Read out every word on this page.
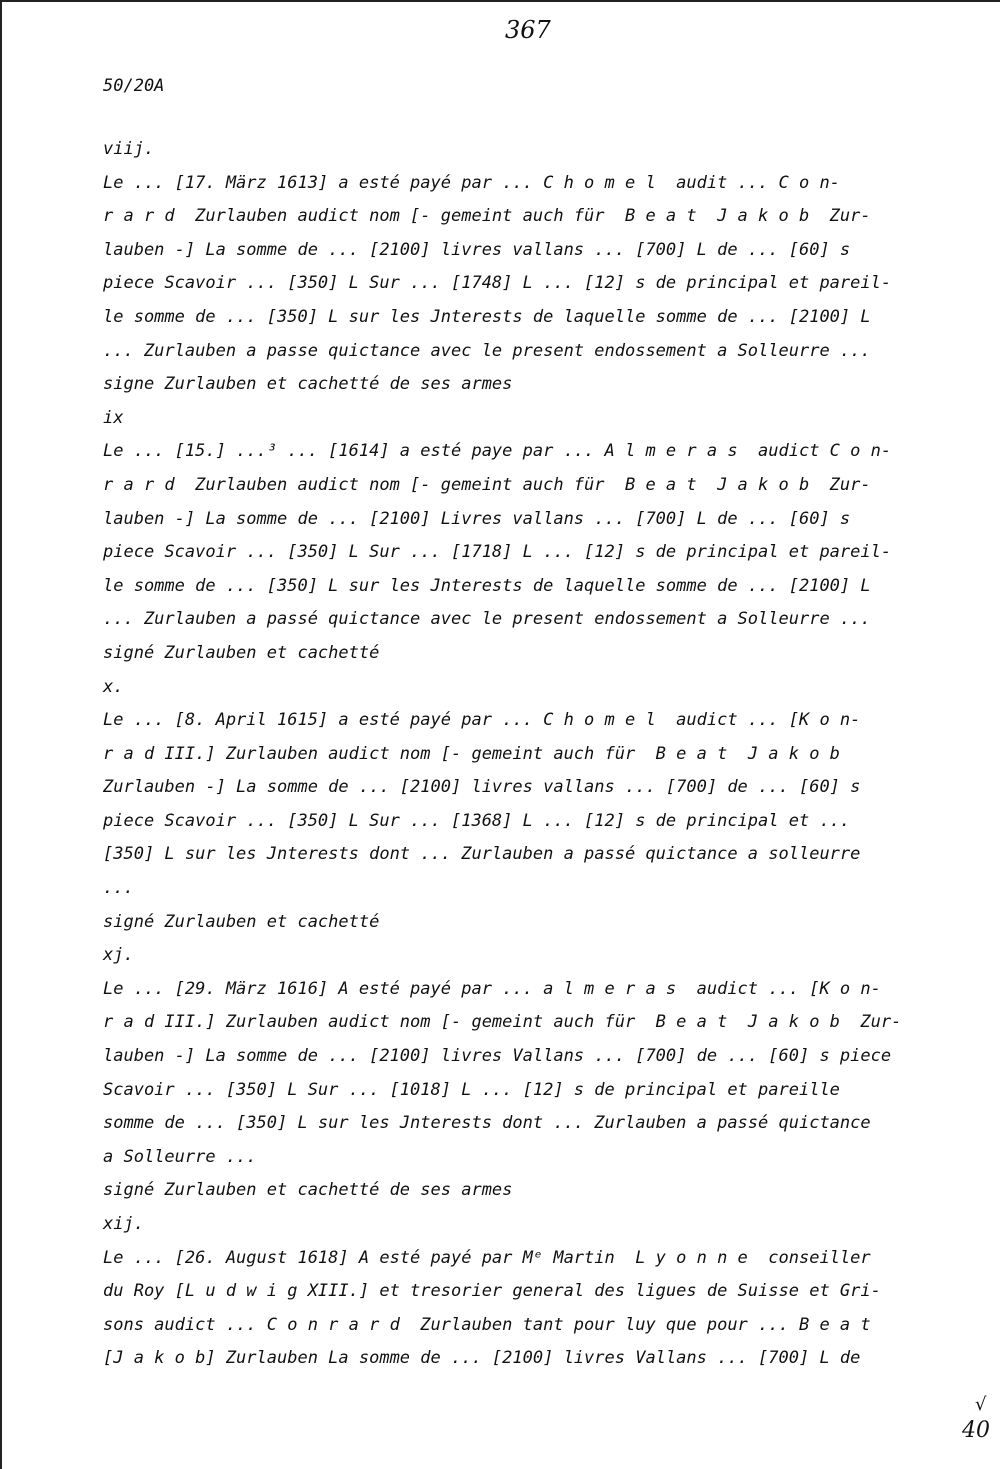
367
50/20A
viij.
Le ... [17. März 1613] a esté payé par ... C h o m e l  audit ... C o n-
r a r d  Zurlauben audict nom [- gemeint auch für  B e a t  J a k o b  Zur-
lauben -] La somme de ... [2100] livres vallans ... [700] L de ... [60] s
piece Scavoir ... [350] L Sur ... [1748] L ... [12] s de principal et pareil-
le somme de ... [350] L sur les Jnterests de laquelle somme de ... [2100] L
... Zurlauben a passe quictance avec le present endossement a Solleurre ...
signe Zurlauben et cachetté de ses armes
ix
Le ... [15.] ...³ ... [1614] a esté paye par ... A l m e r a s  audict C o n-
r a r d  Zurlauben audict nom [- gemeint auch für  B e a t  J a k o b  Zur-
lauben -] La somme de ... [2100] Livres vallans ... [700] L de ... [60] s
piece Scavoir ... [350] L Sur ... [1718] L ... [12] s de principal et pareil-
le somme de ... [350] L sur les Jnterests de laquelle somme de ... [2100] L
... Zurlauben a passé quictance avec le present endossement a Solleurre ...
signé Zurlauben et cachetté
x.
Le ... [8. April 1615] a esté payé par ... C h o m e l  audict ... [K o n-
r a d III.] Zurlauben audict nom [- gemeint auch für  B e a t  J a k o b
Zurlauben -] La somme de ... [2100] livres vallans ... [700] de ... [60] s
piece Scavoir ... [350] L Sur ... [1368] L ... [12] s de principal et ...
[350] L sur les Jnterests dont ... Zurlauben a passé quictance a solleurre
...
signé Zurlauben et cachetté
xj.
Le ... [29. März 1616] A esté payé par ... a l m e r a s  audict ... [K o n-
r a d III.] Zurlauben audict nom [- gemeint auch für  B e a t  J a k o b  Zur-
lauben -] La somme de ... [2100] livres Vallans ... [700] de ... [60] s piece
Scavoir ... [350] L Sur ... [1018] L ... [12] s de principal et pareille
somme de ... [350] L sur les Jnterests dont ... Zurlauben a passé quictance
a Solleurre ...
signé Zurlauben et cachetté de ses armes
xij.
Le ... [26. August 1618] A esté payé par Mᵉ Martin  L y o n n e  conseiller
du Roy [L u d w i g XIII.] et tresorier general des ligues de Suisse et Gri-
sons audict ... C o n r a r d  Zurlauben tant pour luy que pour ... B e a t
[J a k o b] Zurlauben La somme de ... [2100] livres Vallans ... [700] L de
√
40
